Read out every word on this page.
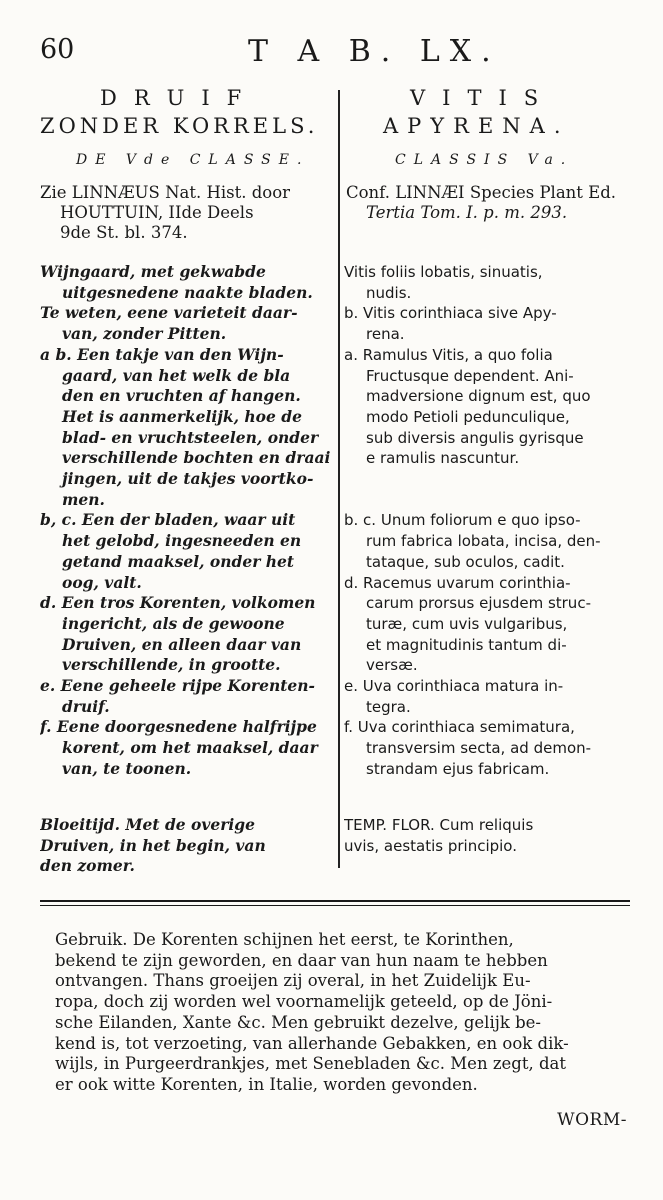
60	T A B. LX.
DRUIF
ZONDER KORRELS.
DE Vde CLASSE.
VITIS
APYRENA.
CLASSIS Va.
Zie LINNÆUS Nat. Hist. door
HOUTTUIN, IIde Deels
9de St. bl. 374.
Conf. LINNÆI Species Plant Ed.
Tertia Tom. I. p. m. 293.
Wijngaard, met gekwabde
uitgesnedene naakte bladen.
Te weten, eene varieteit daar-
van, zonder Pitten.
a b. Een takje van den Wijn-
gaard, van het welk de bla
den en vruchten af hangen.
Het is aanmerkelijk, hoe de
blad- en vruchtsteelen, onder
verschillende bochten en draai
jingen, uit de takjes voortko-
men.
b, c. Een der bladen, waar uit
het gelobd, ingesneeden en
getand maaksel, onder het
oog, valt.
d. Een tros Korenten, volkomen
ingericht, als de gewoone
Druiven, en alleen daar van
verschillende, in grootte.
e. Eene geheele rijpe Korenten-
druif.
f. Eene doorgesnedene halfrijpe
korent, om het maaksel, daar
van, te toonen.
Vitis foliis lobatis, sinuatis,
nudis.
b. Vitis corinthiaca sive Apy-
rena.
a. Ramulus Vitis, a quo folia
Fructusque dependent. Ani-
madversione dignum est, quo
modo Petioli pedunculique,
sub diversis angulis gyrisque
e ramulis nascuntur.

b. c. Unum foliorum e quo ipso-
rum fabrica lobata, incisa, den-
tataque, sub oculos, cadit.
d. Racemus uvarum corinthia-
carum prorsus ejusdem struc-
turæ, cum uvis vulgaribus,
et magnitudinis tantum di-
versæ.
e. Uva corinthiaca matura in-
tegra.
f. Uva corinthiaca semimatura,
transversim secta, ad demon-
strandam ejus fabricam.
Bloeitijd. Met de overige
Druiven, in het begin, van
den zomer.
TEMP. FLOR. Cum reliquis
uvis, aestatis principio.
Gebruik. De Korenten schijnen het eerst, te Korinthen,
bekend te zijn geworden, en daar van hun naam te hebben
ontvangen. Thans groeijen zij overal, in het Zuidelijk Eu-
ropa, doch zij worden wel voornamelijk geteeld, op de Jöni-
sche Eilanden, Xante &c. Men gebruikt dezelve, gelijk be-
kend is, tot verzoeting, van allerhande Gebakken, en ook dik-
wijls, in Purgeerdrankjes, met Senebladen &c. Men zegt, dat
er ook witte Korenten, in Italie, worden gevonden.
WORM-
